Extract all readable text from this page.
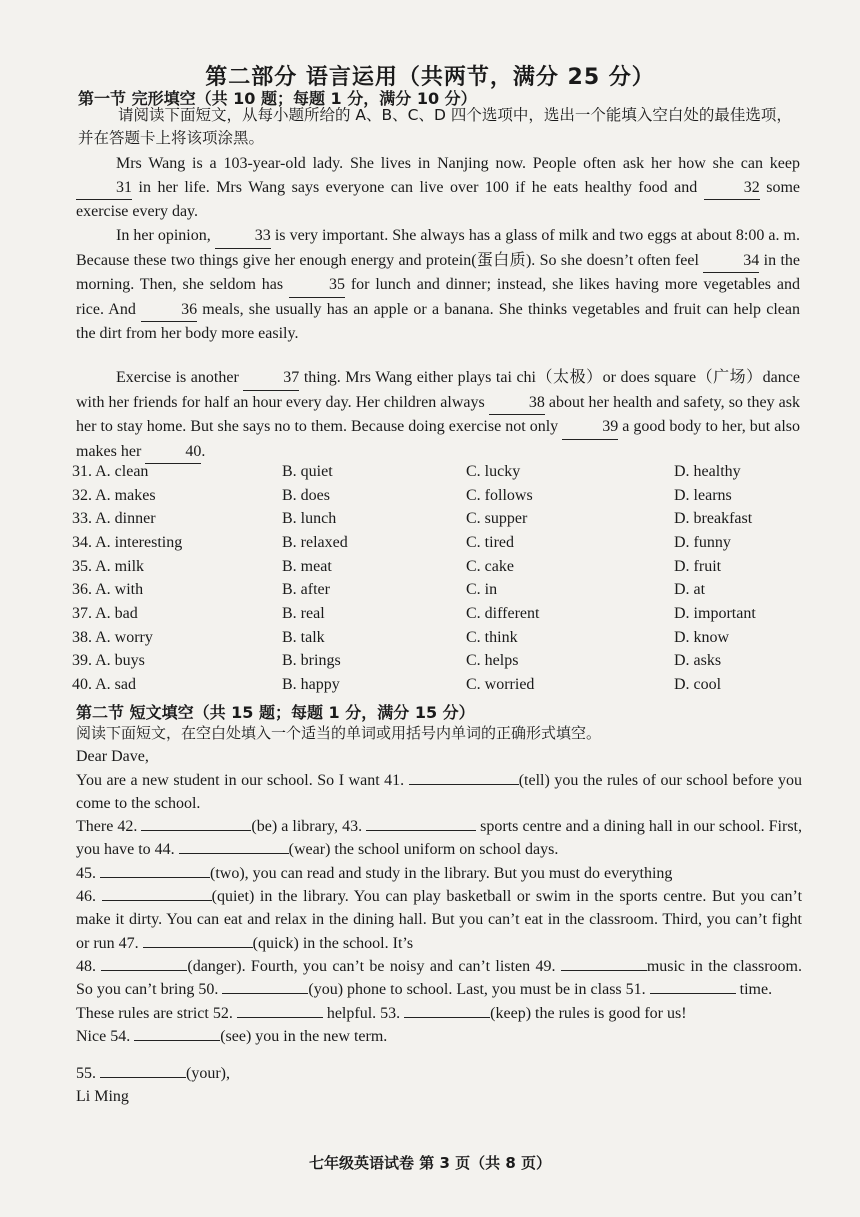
第二部分 语言运用（共两节，满分 25 分）
第一节 完形填空（共 10 题；每题 1 分，满分 10 分）
请阅读下面短文，从每小题所给的 A、B、C、D 四个选项中，选出一个能填入空白处的最佳选项，并在答题卡上将该项涂黑。
Mrs Wang is a 103-year-old lady. She lives in Nanjing now. People often ask her how she can keep 31 in her life. Mrs Wang says everyone can live over 100 if he eats healthy food and	32 some exercise every day.
In her opinion,	33 is very important. She always has a glass of milk and two eggs at about 8:00 a. m. Because these two things give her enough energy and protein(蛋白质). So she doesn’t often feel	34 in the morning. Then, she seldom has	35 for lunch and dinner; instead, she likes having more vegetables and rice. And	36 meals, she usually has an apple or a banana. She thinks vegetables and fruit can help clean the dirt from her body more easily.
Exercise is another	37 thing. Mrs Wang either plays tai chi（太极）or does square（广场）dance with her friends for half an hour every day. Her children always	38 about her health and safety, so they ask her to stay home. But she says no to them. Because doing exercise not only	39 a good body to her, but also makes her	40.
31. A. clean	B. quiet	C. lucky	D. healthy
32. A. makes	B. does	C. follows	D. learns
33. A. dinner	B. lunch	C. supper	D. breakfast
34. A. interesting	B. relaxed	C. tired	D. funny
35. A. milk	B. meat	C. cake	D. fruit
36. A. with	B. after	C. in	D. at
37. A. bad	B. real	C. different	D. important
38. A. worry	B. talk	C. think	D. know
39. A. buys	B. brings	C. helps	D. asks
40. A. sad	B. happy	C. worried	D. cool
第二节 短文填空（共 15 题；每题 1 分，满分 15 分）
阅读下面短文，在空白处填入一个适当的单词或用括号内单词的正确形式填空。
Dear Dave,
You are a new student in our school. So I want 41.	(tell) you the rules of our school before you come to the school.
There 42.	(be) a library, 43.	sports centre and a dining hall in our school. First, you have to 44.	(wear) the school uniform on school days.
45.	(two), you can read and study in the library. But you must do everything
46.	(quiet) in the library. You can play basketball or swim in the sports centre. But you can’t make it dirty. You can eat and relax in the dining hall. But you can’t eat in the classroom. Third, you can’t fight or run 47.	(quick) in the school. It’s
48.	(danger). Fourth, you can’t be noisy and can’t listen 49.	music in the classroom. So you can’t bring 50.	(you) phone to school. Last, you must be in class 51.	time.
These rules are strict 52.	helpful. 53.	(keep) the rules is good for us!
Nice 54.	(see) you in the new term.
55.	(your),
Li Ming
七年级英语试卷 第 3 页（共 8 页）
